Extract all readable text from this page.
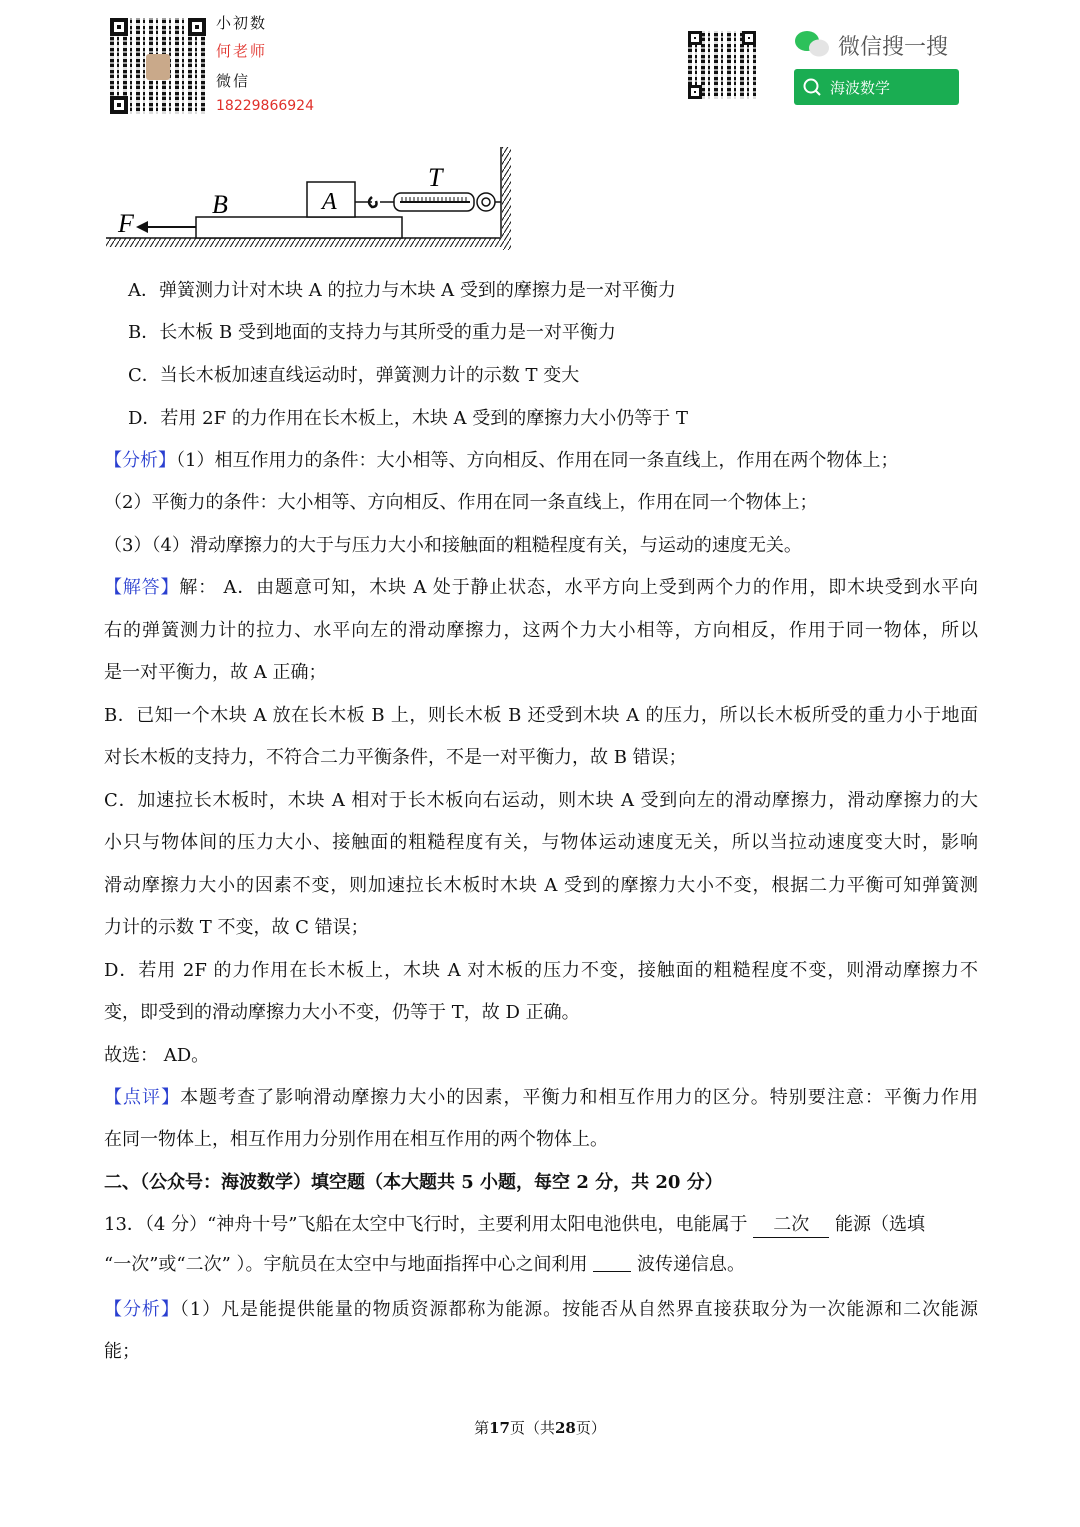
小初数
何老师
微信
18229866924
微信搜一搜
海波数学
F
B	A
T
A．弹簧测力计对木块 A 的拉力与木块 A 受到的摩擦力是一对平衡力
B．长木板 B 受到地面的支持力与其所受的重力是一对平衡力
C．当长木板加速直线运动时，弹簧测力计的示数 T 变大
D．若用 2F 的力作用在长木板上，木块 A 受到的摩擦力大小仍等于 T
【分析】（1）相互作用力的条件：大小相等、方向相反、作用在同一条直线上，作用在两个物体上；
（2）平衡力的条件：大小相等、方向相反、作用在同一条直线上，作用在同一个物体上；
（3）（4）滑动摩擦力的大于与压力大小和接触面的粗糙程度有关，与运动的速度无关。
【解答】解： A．由题意可知，木块 A 处于静止状态，水平方向上受到两个力的作用，即木块受到水平向
右的弹簧测力计的拉力、水平向左的滑动摩擦力，这两个力大小相等，方向相反，作用于同一物体，所以
是一对平衡力，故 A 正确；
B．已知一个木块 A 放在长木板 B 上，则长木板 B 还受到木块 A 的压力，所以长木板所受的重力小于地面
对长木板的支持力，不符合二力平衡条件，不是一对平衡力，故 B 错误；
C．加速拉长木板时，木块 A 相对于长木板向右运动，则木块 A 受到向左的滑动摩擦力，滑动摩擦力的大
小只与物体间的压力大小、接触面的粗糙程度有关，与物体运动速度无关，所以当拉动速度变大时，影响
滑动摩擦力大小的因素不变，则加速拉长木板时木块 A 受到的摩擦力大小不变，根据二力平衡可知弹簧测
力计的示数 T 不变，故 C 错误；
D．若用 2F 的力作用在长木板上，木块 A 对木板的压力不变，接触面的粗糙程度不变，则滑动摩擦力不
变，即受到的滑动摩擦力大小不变，仍等于 T，故 D 正确。
故选： AD。
【点评】本题考查了影响滑动摩擦力大小的因素，平衡力和相互作用力的区分。特别要注意：平衡力作用
在同一物体上，相互作用力分别作用在相互作用的两个物体上。
二、（公众号：海波数学）填空题（本大题共 5 小题，每空 2 分，共 20 分）
13．（4 分）“神舟十号”飞船在太空中飞行时，主要利用太阳电池供电，电能属于 二次 能源（选填
“一次”或“二次” ）。宇航员在太空中与地面指挥中心之间利用	波传递信息。
【分析】（1）凡是能提供能量的物质资源都称为能源。按能否从自然界直接获取分为一次能源和二次能源
能；
第17页（共28页）
